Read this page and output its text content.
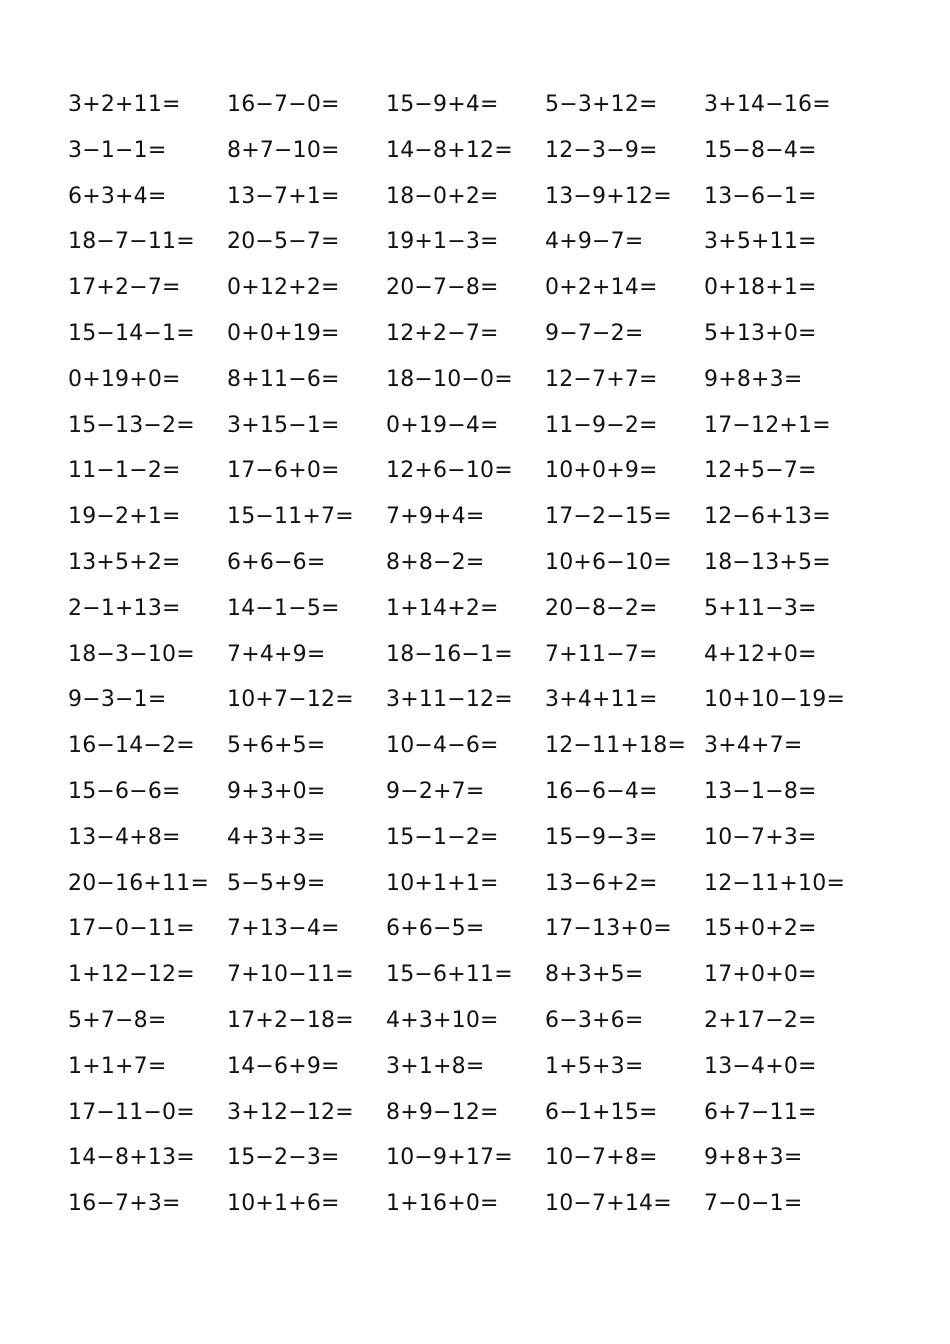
3+2+11=	16−7−0=	15−9+4=	5−3+12=	3+14−16=
3−1−1=	8+7−10=	14−8+12=	12−3−9=	15−8−4=
6+3+4=	13−7+1=	18−0+2=	13−9+12=	13−6−1=
18−7−11=	20−5−7=	19+1−3=	4+9−7=	3+5+11=
17+2−7=	0+12+2=	20−7−8=	0+2+14=	0+18+1=
15−14−1=	0+0+19=	12+2−7=	9−7−2=	5+13+0=
0+19+0=	8+11−6=	18−10−0=	12−7+7=	9+8+3=
15−13−2=	3+15−1=	0+19−4=	11−9−2=	17−12+1=
11−1−2=	17−6+0=	12+6−10=	10+0+9=	12+5−7=
19−2+1=	15−11+7=	7+9+4=	17−2−15=	12−6+13=
13+5+2=	6+6−6=	8+8−2=	10+6−10=	18−13+5=
2−1+13=	14−1−5=	1+14+2=	20−8−2=	5+11−3=
18−3−10=	7+4+9=	18−16−1=	7+11−7=	4+12+0=
9−3−1=	10+7−12=	3+11−12=	3+4+11=	10+10−19=
16−14−2=	5+6+5=	10−4−6=	12−11+18= 3+4+7=
15−6−6=	9+3+0=	9−2+7=	16−6−4=	13−1−8=
13−4+8=	4+3+3=	15−1−2=	15−9−3=	10−7+3=
20−16+11= 5−5+9=	10+1+1=	13−6+2=	12−11+10=
17−0−11=	7+13−4=	6+6−5=	17−13+0=	15+0+2=
1+12−12=	7+10−11=	15−6+11=	8+3+5=	17+0+0=
5+7−8=	17+2−18=	4+3+10=	6−3+6=	2+17−2=
1+1+7=	14−6+9=	3+1+8=	1+5+3=	13−4+0=
17−11−0=	3+12−12=	8+9−12=	6−1+15=	6+7−11=
14−8+13=	15−2−3=	10−9+17=	10−7+8=	9+8+3=
16−7+3=	10+1+6=	1+16+0=	10−7+14=	7−0−1=
